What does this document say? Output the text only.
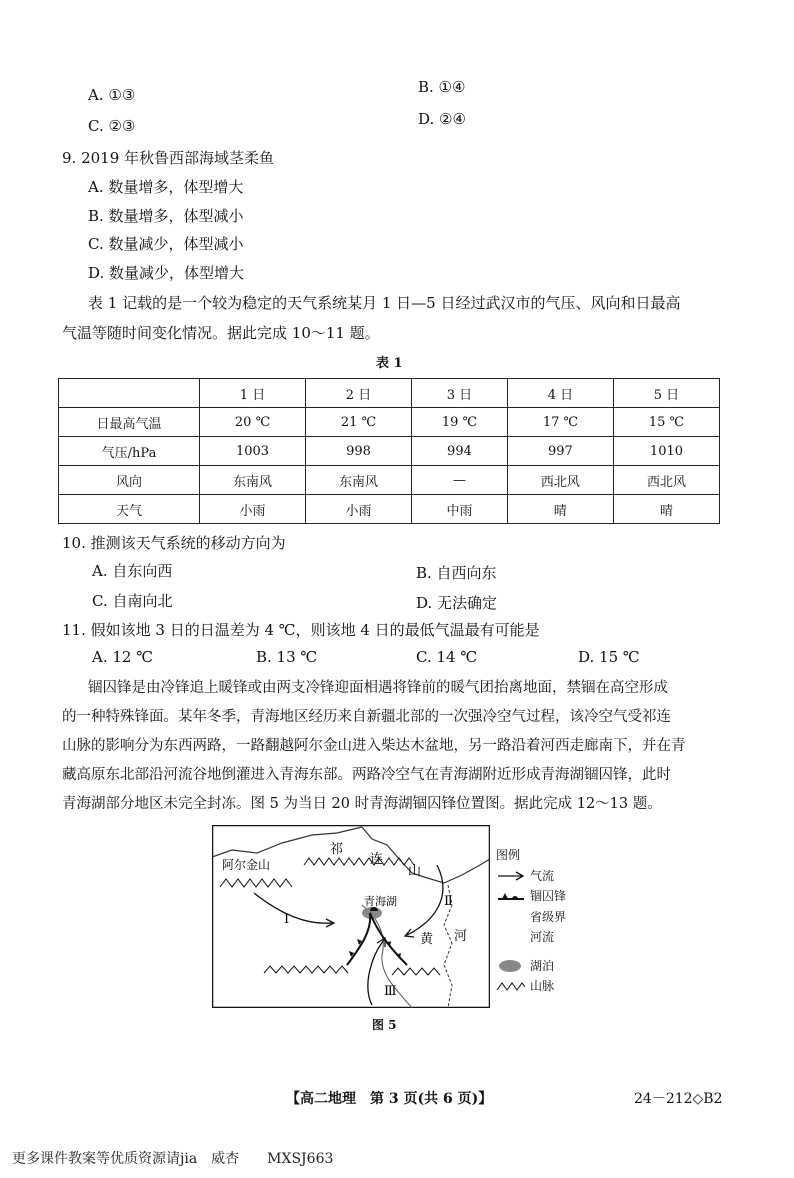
A. ①③	B. ①④
C. ②③	D. ②④
9. 2019 年秋鲁西部海域茎柔鱼
A. 数量增多，体型增大
B. 数量增多，体型减小
C. 数量减少，体型减小
D. 数量减少，体型增大
表 1 记载的是一个较为稳定的天气系统某月 1 日—5 日经过武汉市的气压、风向和日最高
气温等随时间变化情况。据此完成 10～11 题。
表 1
	1 日	2 日	3 日	4 日	5 日
日最高气温	20 ℃	21 ℃	19 ℃	17 ℃	15 ℃
气压/hPa	1003	998	994	997	1010
风向	东南风	东南风	—	西北风	西北风
天气	小雨	小雨	中雨	晴	晴
10. 推测该天气系统的移动方向为
A. 自东向西	B. 自西向东
C. 自南向北	D. 无法确定
11. 假如该地 3 日的日温差为 4 ℃，则该地 4 日的最低气温最有可能是
A. 12 ℃	B. 13 ℃	C. 14 ℃	D. 15 ℃
锢囚锋是由冷锋追上暖锋或由两支冷锋迎面相遇将锋前的暖气团抬离地面，禁锢在高空形成
的一种特殊锋面。某年冬季，青海地区经历来自新疆北部的一次强冷空气过程，该冷空气受祁连
山脉的影响分为东西两路，一路翻越阿尔金山进入柴达木盆地，另一路沿着河西走廊南下，并在青
藏高原东北部沿河流谷地倒灌进入青海东部。两路冷空气在青海湖附近形成青海湖锢囚锋，此时
青海湖部分地区未完全封冻。图 5 为当日 20 时青海湖锢囚锋位置图。据此完成 12～13 题。
阿尔金山
祁
连
山
青海湖
黄 河
Ⅰ
Ⅱ
Ⅲ
图例
气流
锢囚锋
省级界
河流
湖泊
山脉
图 5
【高二地理　第 3 页(共 6 页)】	24－212◇B2
更多课件教案等优质资源请jia　威杏　　MXSJ663
